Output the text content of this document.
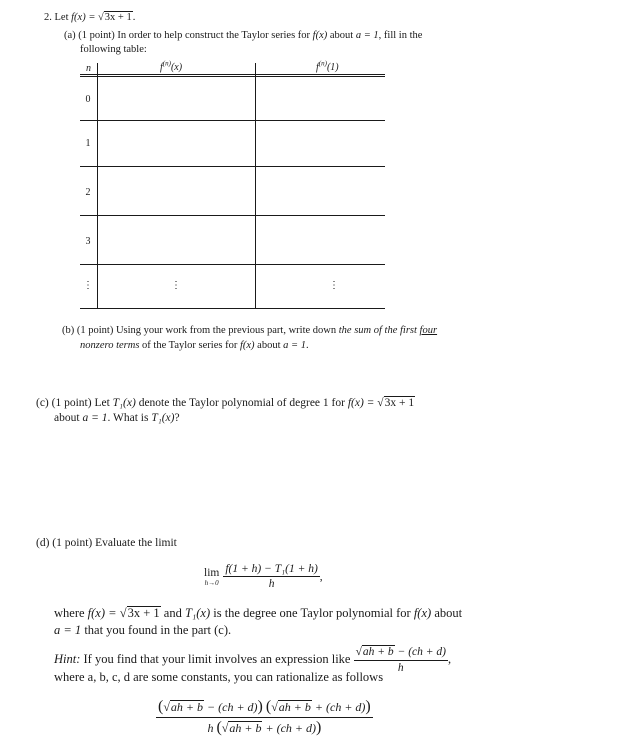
2. Let f(x) = √3x + 1.
(a) (1 point) In order to help construct the Taylor series for f(x) about a = 1, fill in the
following table:
n	$f^{(n)}(x)$	$f^{(n)}(1)$
0
1
2
3
⋮	⋮	⋮
(b) (1 point) Using your work from the previous part, write down the sum of the first four
nonzero terms of the Taylor series for f(x) about a = 1.
(c) (1 point) Let T₁(x) denote the Taylor polynomial of degree 1 for f(x) = √3x + 1
about a = 1. What is T₁(x)?
(d) (1 point) Evaluate the limit
lim
$h\to 0 \frac{\text{f(1 + h) − T₁(1 + h)}}{h}$ ,
where f(x) = √3x + 1 and T₁(x) is the degree one Taylor polynomial for f(x) about
a = 1 that you found in the part (c).
Hint:
If you find that your limit involves an expression like
$\frac{√ah + b - (ch + d)}{h}$ ,
where a, b, c, d are some constants, you can rationalize as follows
$\frac{(√ah + b - (ch + d)) (√ah + b + (ch + d))}{h (√ah + b + (ch + d))}$
